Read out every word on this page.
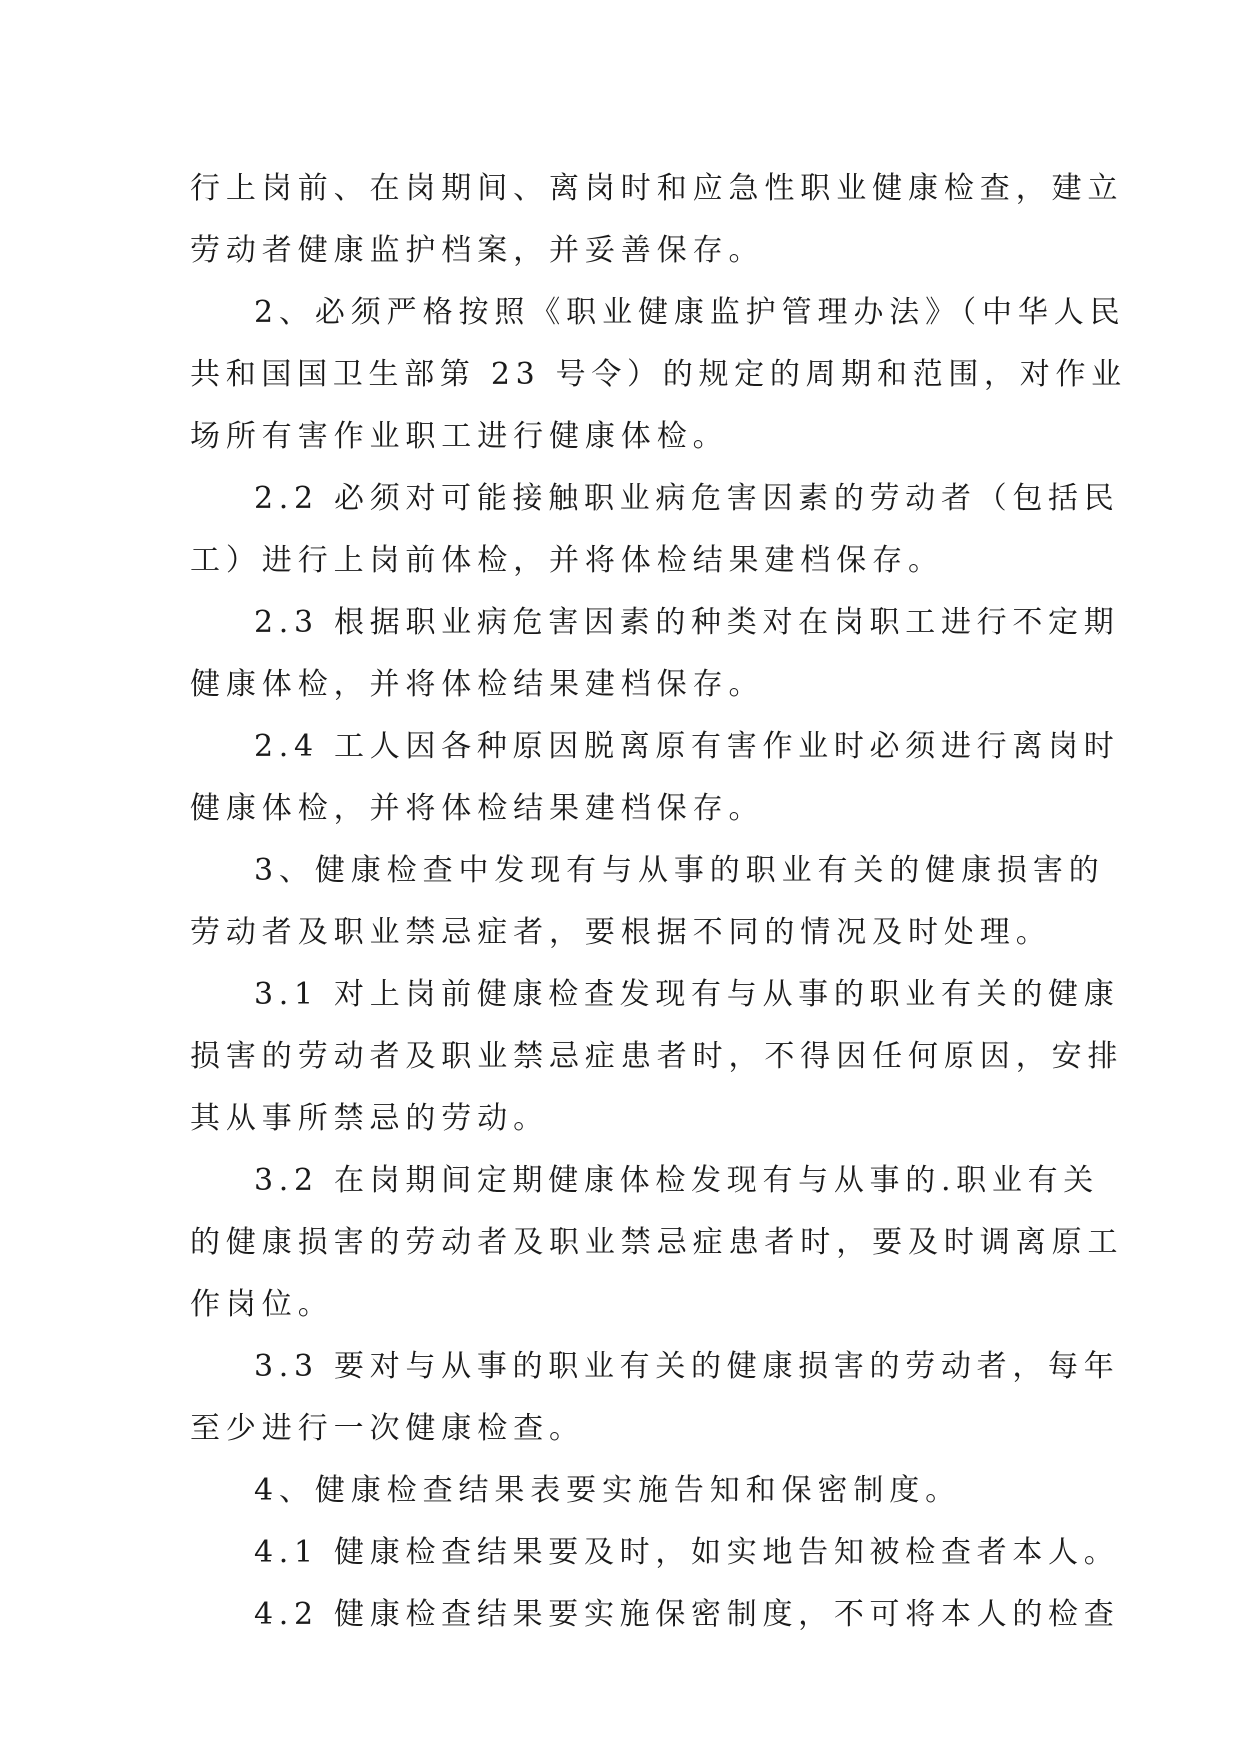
行上岗前、在岗期间、离岗时和应急性职业健康检查，建立
劳动者健康监护档案，并妥善保存。
2、必须严格按照《职业健康监护管理办法》（中华人民
共和国国卫生部第 23 号令）的规定的周期和范围，对作业
场所有害作业职工进行健康体检。
2.2 必须对可能接触职业病危害因素的劳动者（包括民
工）进行上岗前体检，并将体检结果建档保存。
2.3 根据职业病危害因素的种类对在岗职工进行不定期
健康体检，并将体检结果建档保存。
2.4 工人因各种原因脱离原有害作业时必须进行离岗时
健康体检，并将体检结果建档保存。
3、健康检查中发现有与从事的职业有关的健康损害的
劳动者及职业禁忌症者，要根据不同的情况及时处理。
3.1 对上岗前健康检查发现有与从事的职业有关的健康
损害的劳动者及职业禁忌症患者时，不得因任何原因，安排
其从事所禁忌的劳动。
3.2 在岗期间定期健康体检发现有与从事的.职业有关
的健康损害的劳动者及职业禁忌症患者时，要及时调离原工
作岗位。
3.3 要对与从事的职业有关的健康损害的劳动者，每年
至少进行一次健康检查。
4、健康检查结果表要实施告知和保密制度。
4.1 健康检查结果要及时，如实地告知被检查者本人。
4.2 健康检查结果要实施保密制度，不可将本人的检查
